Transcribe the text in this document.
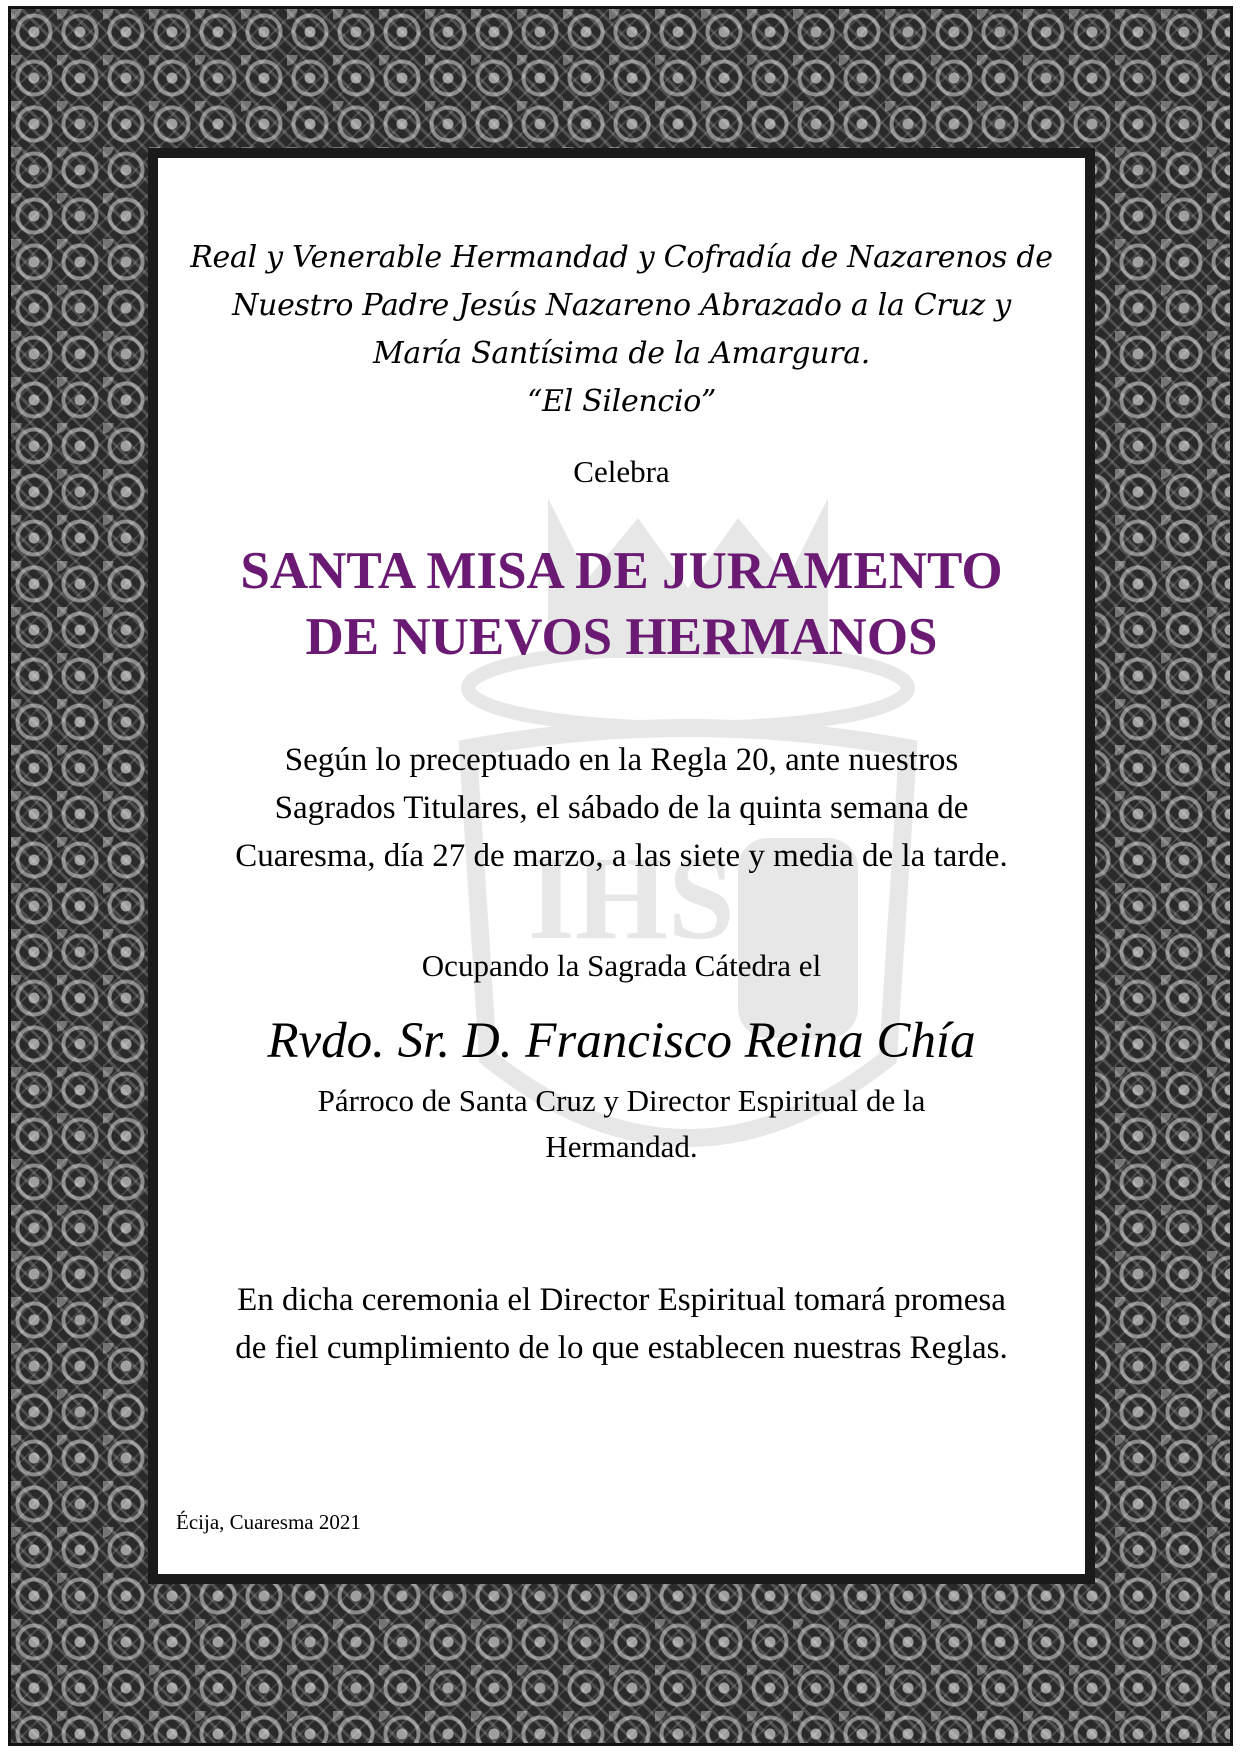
IHS
Real y Venerable Hermandad y Cofradía de Nazarenos de
Nuestro Padre Jesús Nazareno Abrazado a la Cruz y
María Santísima de la Amargura.
“El Silencio”
Celebra
SANTA MISA DE JURAMENTO
DE NUEVOS HERMANOS
Según lo preceptuado en la Regla 20, ante nuestros
Sagrados Titulares, el sábado de la quinta semana de
Cuaresma, día 27 de marzo, a las siete y media de la tarde.
Ocupando la Sagrada Cátedra el
Rvdo. Sr. D. Francisco Reina Chía
Párroco de Santa Cruz y Director Espiritual de la
Hermandad.
En dicha ceremonia el Director Espiritual tomará promesa
de fiel cumplimiento de lo que establecen nuestras Reglas.
Écija, Cuaresma 2021
